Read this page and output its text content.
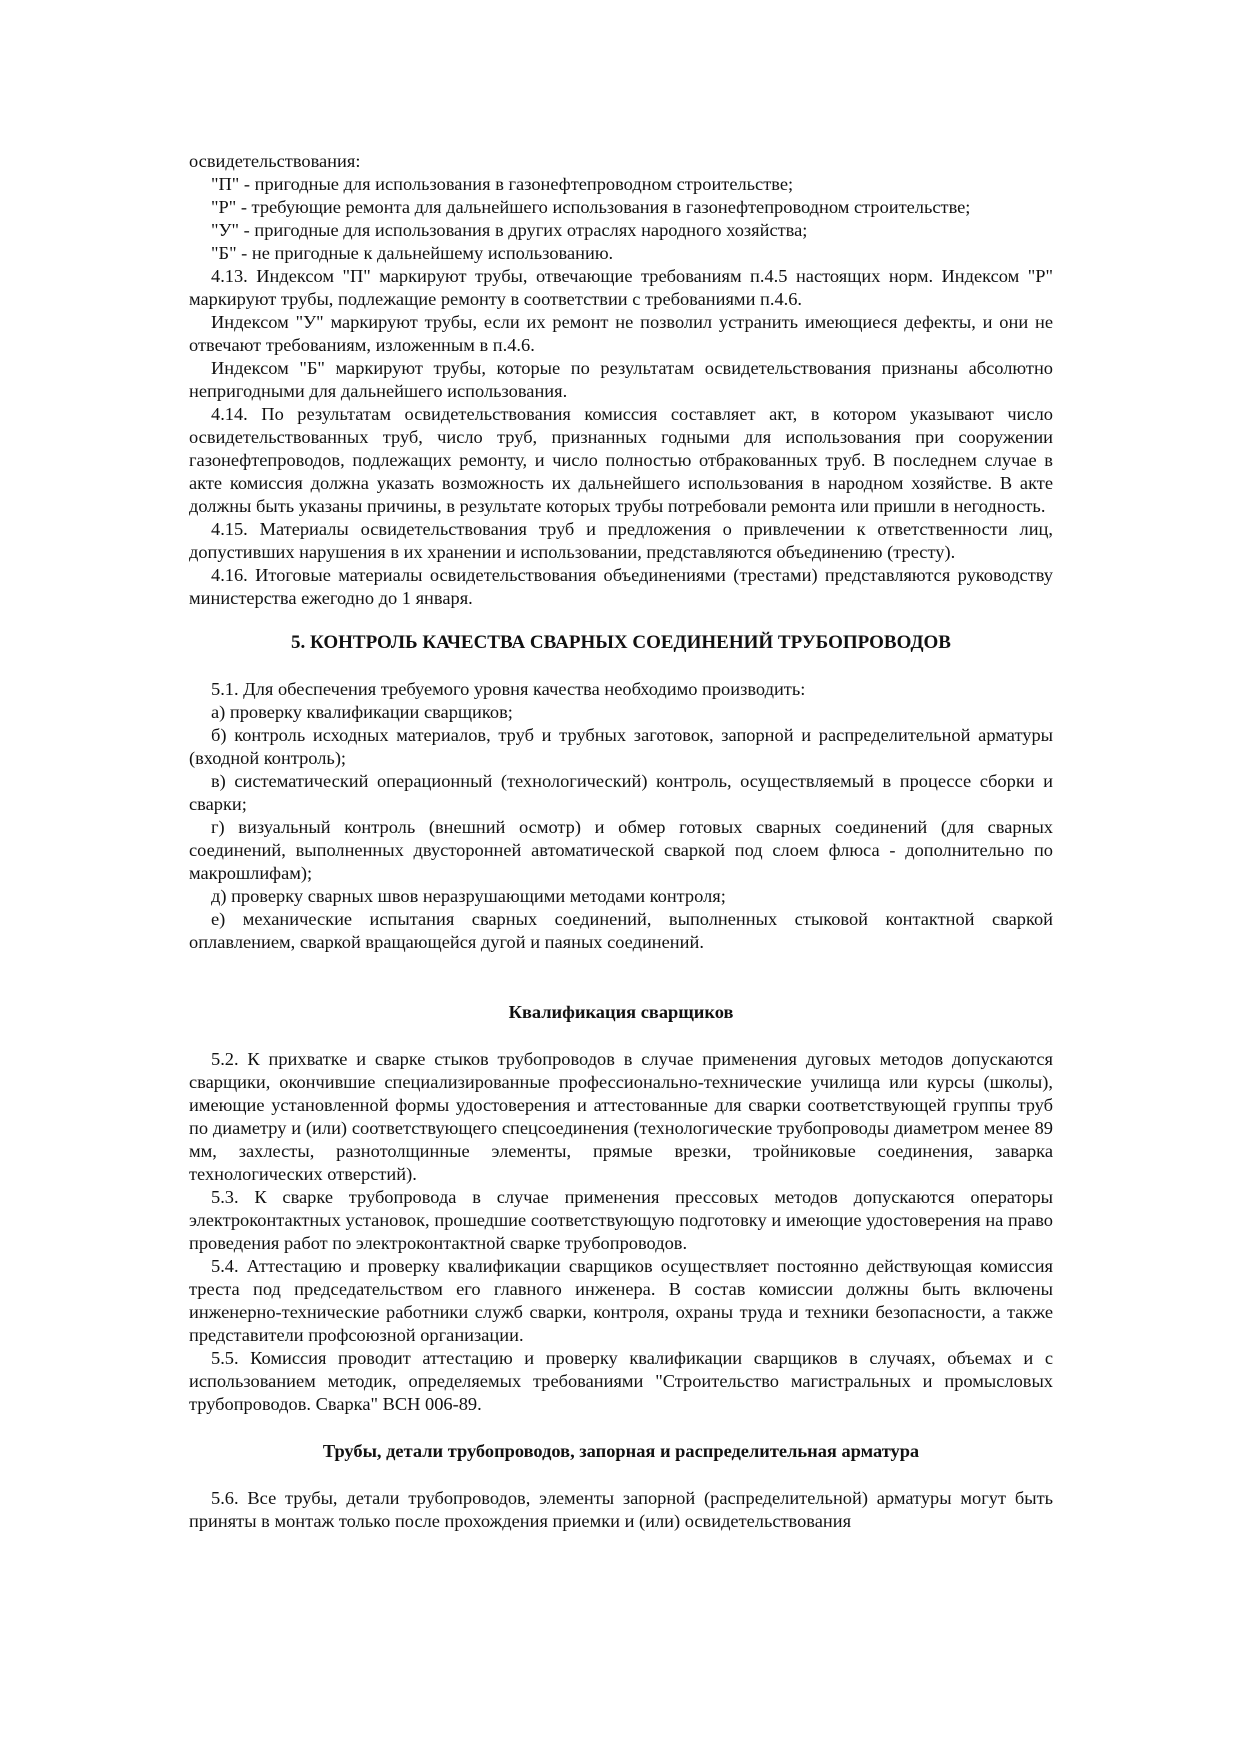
освидетельствования:

"П" - пригодные для использования в газонефтепроводном строительстве;

"Р" - требующие ремонта для дальнейшего использования в газонефтепроводном строительстве;

"У" - пригодные для использования в других отраслях народного хозяйства;

"Б" - не пригодные к дальнейшему использованию.

4.13. Индексом "П" маркируют трубы, отвечающие требованиям п.4.5 настоящих норм. Индексом "Р" маркируют трубы, подлежащие ремонту в соответствии с требованиями п.4.6.

Индексом "У" маркируют трубы, если их ремонт не позволил устранить имеющиеся дефекты, и они не отвечают требованиям, изложенным в п.4.6.

Индексом "Б" маркируют трубы, которые по результатам освидетельствования признаны абсолютно непригодными для дальнейшего использования.

4.14. По результатам освидетельствования комиссия составляет акт, в котором указывают число освидетельствованных труб, число труб, признанных годными для использования при сооружении газонефтепроводов, подлежащих ремонту, и число полностью отбракованных труб. В последнем случае в акте комиссия должна указать возможность их дальнейшего использования в народном хозяйстве. В акте должны быть указаны причины, в результате которых трубы потребовали ремонта или пришли в негодность.

4.15. Материалы освидетельствования труб и предложения о привлечении к ответственности лиц, допустивших нарушения в их хранении и использовании, представляются объединению (тресту).

4.16. Итоговые материалы освидетельствования объединениями (трестами) представляются руководству министерства ежегодно до 1 января.

5. КОНТРОЛЬ КАЧЕСТВА СВАРНЫХ СОЕДИНЕНИЙ ТРУБОПРОВОДОВ

5.1. Для обеспечения требуемого уровня качества необходимо производить:

а) проверку квалификации сварщиков;

б) контроль исходных материалов, труб и трубных заготовок, запорной и распределительной арматуры (входной контроль);

в) систематический операционный (технологический) контроль, осуществляемый в процессе сборки и сварки;

г) визуальный контроль (внешний осмотр) и обмер готовых сварных соединений (для сварных соединений, выполненных двусторонней автоматической сваркой под слоем флюса - дополнительно по макрошлифам);

д) проверку сварных швов неразрушающими методами контроля;

е) механические испытания сварных соединений, выполненных стыковой контактной сваркой оплавлением, сваркой вращающейся дугой и паяных соединений.

Квалификация сварщиков

5.2. К прихватке и сварке стыков трубопроводов в случае применения дуговых методов допускаются сварщики, окончившие специализированные профессионально-технические училища или курсы (школы), имеющие установленной формы удостоверения и аттестованные для сварки соответствующей группы труб по диаметру и (или) соответствующего спецсоединения (технологические трубопроводы диаметром менее 89 мм, захлесты, разнотолщинные элементы, прямые врезки, тройниковые соединения, заварка технологических отверстий).

5.3. К сварке трубопровода в случае применения прессовых методов допускаются операторы электроконтактных установок, прошедшие соответствующую подготовку и имеющие удостоверения на право проведения работ по электроконтактной сварке трубопроводов.

5.4. Аттестацию и проверку квалификации сварщиков осуществляет постоянно действующая комиссия треста под председательством его главного инженера. В состав комиссии должны быть включены инженерно-технические работники служб сварки, контроля, охраны труда и техники безопасности, а также представители профсоюзной организации.

5.5. Комиссия проводит аттестацию и проверку квалификации сварщиков в случаях, объемах и с использованием методик, определяемых требованиями "Строительство магистральных и промысловых трубопроводов. Сварка" ВСН 006-89.

Трубы, детали трубопроводов, запорная и распределительная арматура

5.6. Все трубы, детали трубопроводов, элементы запорной (распределительной) арматуры могут быть приняты в монтаж только после прохождения приемки и (или) освидетельствования
